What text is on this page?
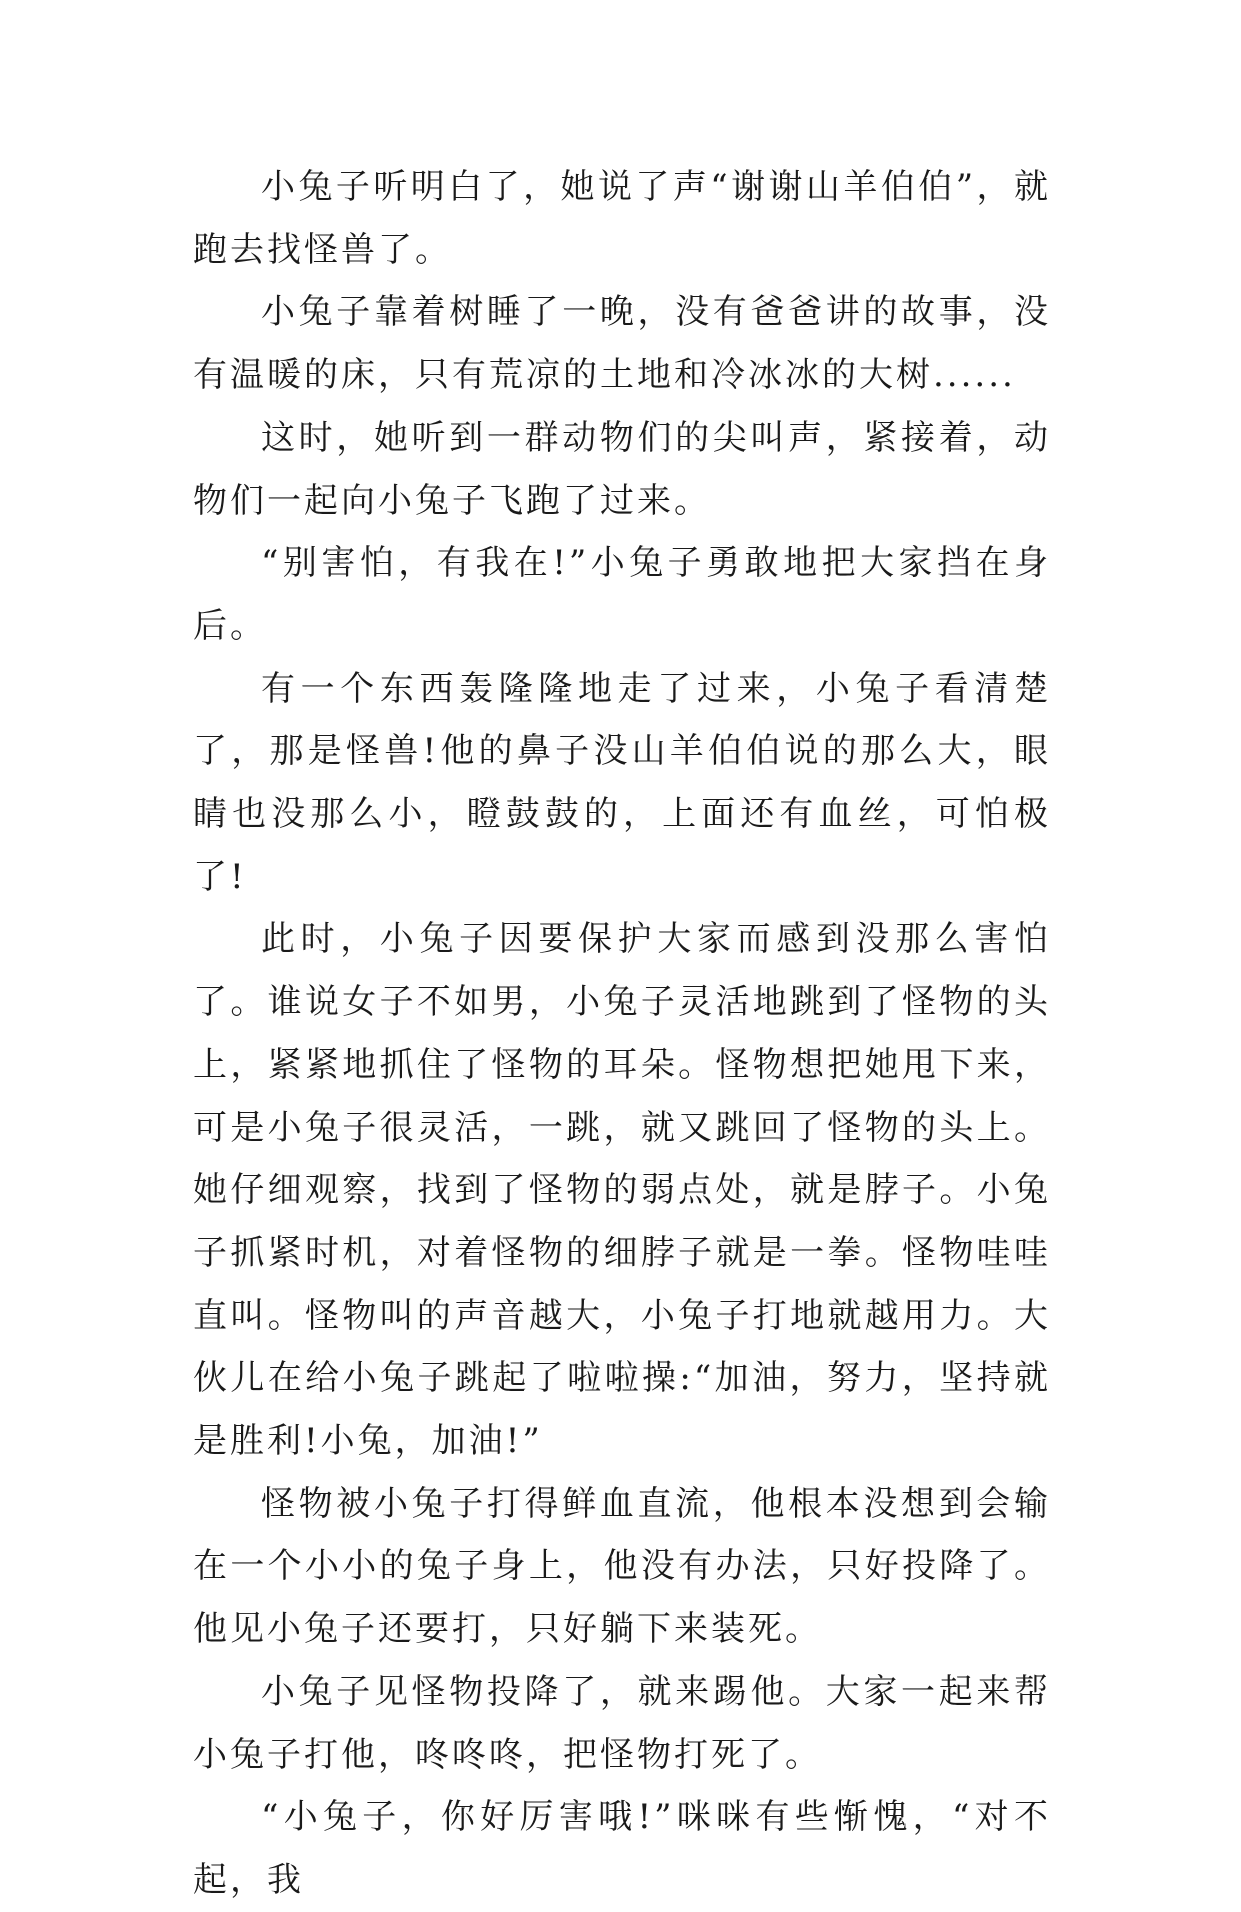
小兔子听明白了，她说了声“谢谢山羊伯伯”，就跑去找怪兽了。

小兔子靠着树睡了一晚，没有爸爸讲的故事，没有温暖的床，只有荒凉的土地和冷冰冰的大树......

这时，她听到一群动物们的尖叫声，紧接着，动物们一起向小兔子飞跑了过来。

“别害怕，有我在!”小兔子勇敢地把大家挡在身后。

有一个东西轰隆隆地走了过来，小兔子看清楚了，那是怪兽!他的鼻子没山羊伯伯说的那么大，眼睛也没那么小，瞪鼓鼓的，上面还有血丝，可怕极了!

此时，小兔子因要保护大家而感到没那么害怕了。谁说女子不如男，小兔子灵活地跳到了怪物的头上，紧紧地抓住了怪物的耳朵。怪物想把她甩下来，可是小兔子很灵活，一跳，就又跳回了怪物的头上。她仔细观察，找到了怪物的弱点处，就是脖子。小兔子抓紧时机，对着怪物的细脖子就是一拳。怪物哇哇直叫。怪物叫的声音越大，小兔子打地就越用力。大伙儿在给小兔子跳起了啦啦操:“加油，努力，坚持就是胜利!小兔，加油!”

怪物被小兔子打得鲜血直流，他根本没想到会输在一个小小的兔子身上，他没有办法，只好投降了。他见小兔子还要打，只好躺下来装死。

小兔子见怪物投降了，就来踢他。大家一起来帮小兔子打他，咚咚咚，把怪物打死了。

“小兔子，你好厉害哦!”咪咪有些惭愧，“对不起，我
